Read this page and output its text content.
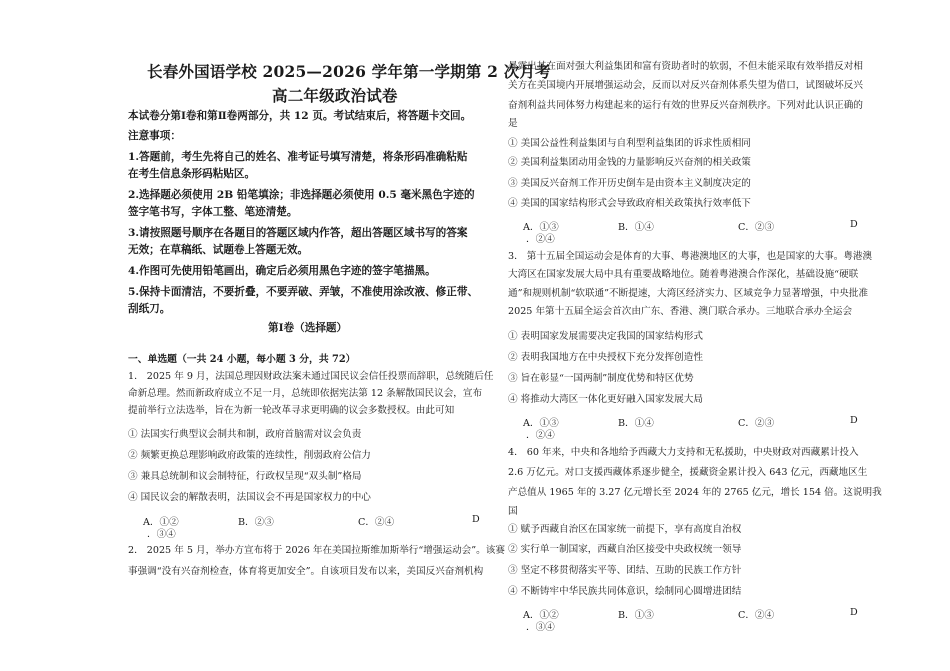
长春外国语学校 2025—2026 学年第一学期第 2 次月考
高二年级政治试卷
本试卷分第Ⅰ卷和第Ⅱ卷两部分，共 12 页。考试结束后，将答题卡交回。
注意事项：
1.答题前，考生先将自己的姓名、准考证号填写清楚，将条形码准确粘贴
在考生信息条形码粘贴区。
2.选择题必须使用 2B 铅笔填涂；非选择题必须使用 0.5 毫米黑色字迹的
签字笔书写，字体工整、笔迹清楚。
3.请按照题号顺序在各题目的答题区域内作答，超出答题区域书写的答案
无效；在草稿纸、试题卷上答题无效。
4.作图可先使用铅笔画出，确定后必须用黑色字迹的签字笔描黑。
5.保持卡面清洁，不要折叠，不要弄破、弄皱，不准使用涂改液、修正带、
刮纸刀。
第Ⅰ卷（选择题）
一、单选题（一共 24 小题，每小题 3 分，共 72）
1． 2025 年 9 月，法国总理因财政法案未通过国民议会信任投票而辞职，总统随后任
命新总理。然而新政府成立不足一月，总统即依据宪法第 12 条解散国民议会，宣布
提前举行立法选举，旨在为新一轮改革寻求更明确的议会多数授权。由此可知
① 法国实行典型议会制共和制，政府首脑需对议会负责
② 频繁更换总理影响政府政策的连续性，削弱政府公信力
③ 兼具总统制和议会制特征，行政权呈现“双头制”格局
④ 国民议会的解散表明，法国议会不再是国家权力的中心
A．①②	B．②③	C．②④	D
．③④
2． 2025 年 5 月，举办方宣布将于 2026 年在美国拉斯维加斯举行“增强运动会”。该赛
事强调“没有兴奋剂检查，体育将更加安全”。自该项目发布以来，美国反兴奋剂机构
暴露出其在面对强大利益集团和富有资助者时的软弱，不但未能采取有效举措反对相
关方在美国境内开展增强运动会，反而以对反兴奋剂体系失望为借口，试图破坏反兴
奋剂利益共同体努力构建起来的运行有效的世界反兴奋剂秩序。下列对此认识正确的
是
① 美国公益性利益集团与自利型利益集团的诉求性质相同
② 美国利益集团动用金钱的力量影响反兴奋剂的相关政策
③ 美国反兴奋剂工作开历史倒车是由资本主义制度决定的
④ 美国的国家结构形式会导致政府相关政策执行效率低下
A．①③	B．①④	C．②③	D
．②④
3． 第十五届全国运动会是体育的大事、粤港澳地区的大事，也是国家的大事。粤港澳
大湾区在国家发展大局中具有重要战略地位。随着粤港澳合作深化，基础设施“硬联
通”和规则机制“软联通”不断提速，大湾区经济实力、区域竞争力显著增强，中央批准
2025 年第十五届全运会首次由广东、香港、澳门联合承办。三地联合承办全运会
① 表明国家发展需要决定我国的国家结构形式
② 表明我国地方在中央授权下充分发挥创造性
③ 旨在彰显“一国两制”制度优势和特区优势
④ 将推动大湾区一体化更好融入国家发展大局
A．①③	B．①④	C．②③	D
．②④
4． 60 年来，中央和各地给予西藏大力支持和无私援助，中央财政对西藏累计投入
2.6 万亿元。对口支援西藏体系逐步健全，援藏资金累计投入 643 亿元，西藏地区生
产总值从 1965 年的 3.27 亿元增长至 2024 年的 2765 亿元，增长 154 倍。这说明我
国
① 赋予西藏自治区在国家统一前提下，享有高度自治权
② 实行单一制国家，西藏自治区接受中央政权统一领导
③ 坚定不移贯彻落实平等、团结、互助的民族工作方针
④ 不断铸牢中华民族共同体意识，绘制同心圆增进团结
A．①②	B．①③	C．②④	D
．③④
